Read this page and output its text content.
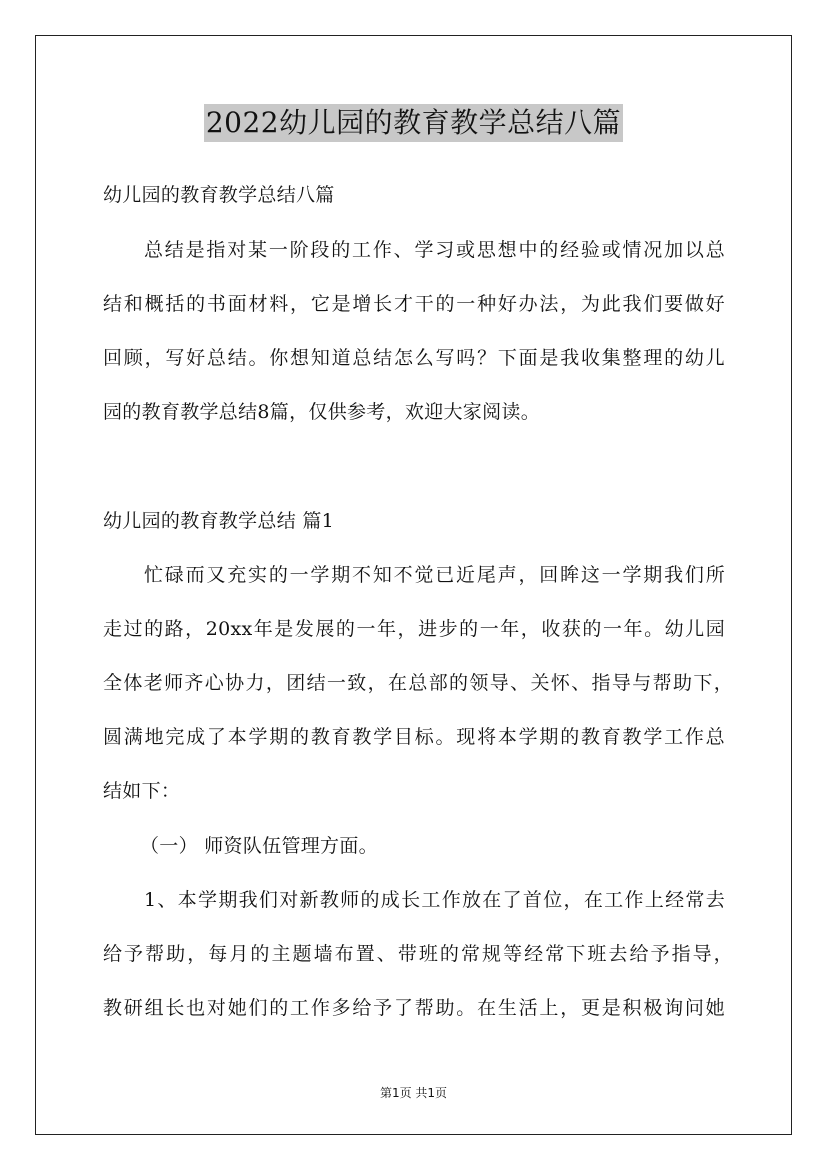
2022幼儿园的教育教学总结八篇
幼儿园的教育教学总结八篇
总结是指对某一阶段的工作、学习或思想中的经验或情况加以总
结和概括的书面材料，它是增长才干的一种好办法，为此我们要做好
回顾，写好总结。你想知道总结怎么写吗？下面是我收集整理的幼儿
园的教育教学总结8篇，仅供参考，欢迎大家阅读。
幼儿园的教育教学总结 篇1
忙碌而又充实的一学期不知不觉已近尾声，回眸这一学期我们所
走过的路，20xx年是发展的一年，进步的一年，收获的一年。幼儿园
全体老师齐心协力，团结一致，在总部的领导、关怀、指导与帮助下，
圆满地完成了本学期的教育教学目标。现将本学期的教育教学工作总
结如下：
（一） 师资队伍管理方面。
1、本学期我们对新教师的成长工作放在了首位，在工作上经常去
给予帮助，每月的主题墙布置、带班的常规等经常下班去给予指导，
教研组长也对她们的工作多给予了帮助。在生活上，更是积极询问她
第1页 共1页
